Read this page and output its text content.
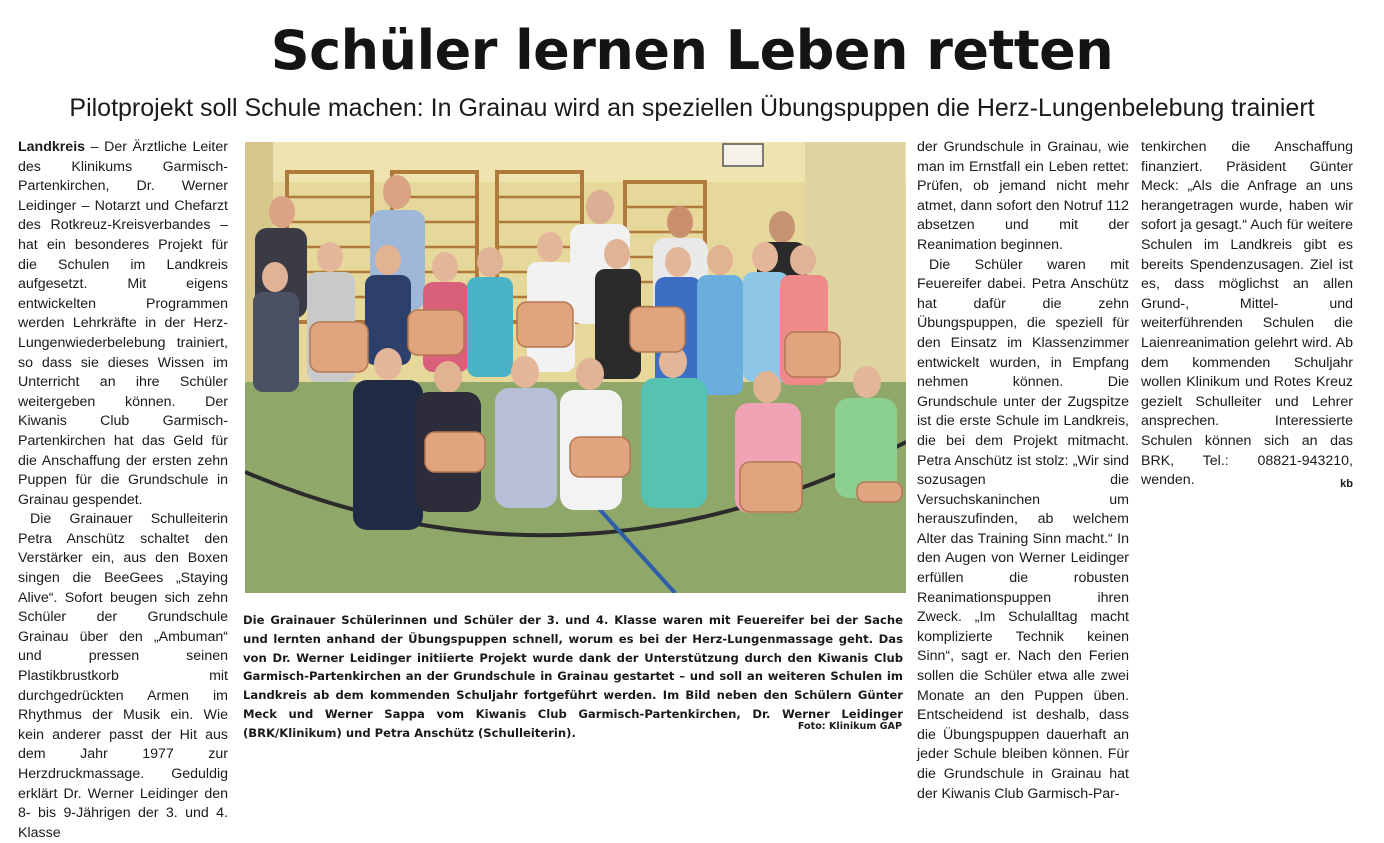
Schüler lernen Leben retten
Pilotprojekt soll Schule machen: In Grainau wird an speziellen Übungspuppen die Herz-Lungenbelebung trainiert

Landkreis – Der Ärztliche Leiter des Klinikums Garmisch-Partenkirchen, Dr. Werner Leidinger – Notarzt und Chefarzt des Rotkreuz-Kreisverbandes – hat ein besonderes Projekt für die Schulen im Landkreis aufgesetzt. Mit eigens entwickelten Programmen werden Lehrkräfte in der Herz-Lungenwiederbelebung trainiert, so dass sie dieses Wissen im Unterricht an ihre Schüler weitergeben können. Der Kiwanis Club Garmisch-Partenkirchen hat das Geld für die Anschaffung der ersten zehn Puppen für die Grundschule in Grainau gespendet.

Die Grainauer Schulleiterin Petra Anschütz schaltet den Verstärker ein, aus den Boxen singen die BeeGees „Staying Alive“. Sofort beugen sich zehn Schüler der Grundschule Grainau über den „Ambuman“ und pressen seinen Plastikbrustkorb mit durchgedrückten Armen im Rhythmus der Musik ein. Wie kein anderer passt der Hit aus dem Jahr 1977 zur Herzdruckmassage. Geduldig erklärt Dr. Werner Leidinger den 8- bis 9-Jährigen der 3. und 4. Klasse

Die Grainauer Schülerinnen und Schüler der 3. und 4. Klasse waren mit Feuereifer bei der Sache und lernten anhand der Übungspuppen schnell, worum es bei der Herz-Lungenmassage geht. Das von Dr. Werner Leidinger initiierte Projekt wurde dank der Unterstützung durch den Kiwanis Club Garmisch-Partenkirchen an der Grundschule in Grainau gestartet – und soll an weiteren Schulen im Landkreis ab dem kommenden Schuljahr fortgeführt werden. Im Bild neben den Schülern Günter Meck und Werner Sappa vom Kiwanis Club Garmisch-Partenkirchen, Dr. Werner Leidinger (BRK/Klinikum) und Petra Anschütz (Schulleiterin).	Foto: Klinikum GAP

der Grundschule in Grainau, wie man im Ernstfall ein Leben rettet: Prüfen, ob jemand nicht mehr atmet, dann sofort den Notruf 112 absetzen und mit der Reanimation beginnen.

Die Schüler waren mit Feuereifer dabei. Petra Anschütz hat dafür die zehn Übungspuppen, die speziell für den Einsatz im Klassenzimmer entwickelt wurden, in Empfang nehmen können. Die Grundschule unter der Zugspitze ist die erste Schule im Landkreis, die bei dem Projekt mitmacht. Petra Anschütz ist stolz: „Wir sind sozusagen die Versuchskaninchen um herauszufinden, ab welchem Alter das Training Sinn macht.“ In den Augen von Werner Leidinger erfüllen die robusten Reanimationspuppen ihren Zweck. „Im Schulalltag macht komplizierte Technik keinen Sinn“, sagt er. Nach den Ferien sollen die Schüler etwa alle zwei Monate an den Puppen üben. Entscheidend ist deshalb, dass die Übungspuppen dauerhaft an jeder Schule bleiben können. Für die Grundschule in Grainau hat der Kiwanis Club Garmisch-Par-

tenkirchen die Anschaffung finanziert. Präsident Günter Meck: „Als die Anfrage an uns herangetragen wurde, haben wir sofort ja gesagt.“ Auch für weitere Schulen im Landkreis gibt es bereits Spendenzusagen. Ziel ist es, dass möglichst an allen Grund-, Mittel- und weiterführenden Schulen die Laienreanimation gelehrt wird. Ab dem kommenden Schuljahr wollen Klinikum und Rotes Kreuz gezielt Schulleiter und Lehrer ansprechen. Interessierte Schulen können sich an das BRK, Tel.: 08821-943210, wenden.	kb
